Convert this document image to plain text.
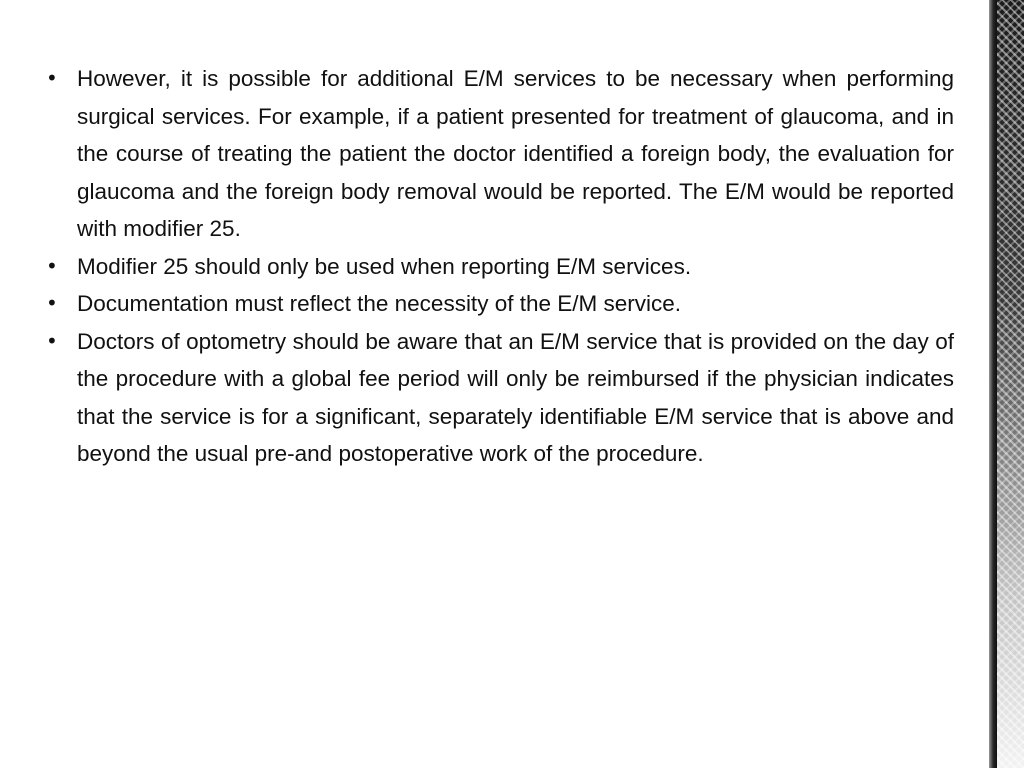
• However, it is possible for additional E/M services to be necessary when performing surgical services. For example, if a patient presented for treatment of glaucoma, and in the course of treating the patient the doctor identified a foreign body, the evaluation for glaucoma and the foreign body removal would be reported. The E/M would be reported with modifier 25.
• Modifier 25 should only be used when reporting E/M services.
• Documentation must reflect the necessity of the E/M service.
• Doctors of optometry should be aware that an E/M service that is provided on the day of the procedure with a global fee period will only be reimbursed if the physician indicates that the service is for a significant, separately identifiable E/M service that is above and beyond the usual pre-and postoperative work of the procedure.
